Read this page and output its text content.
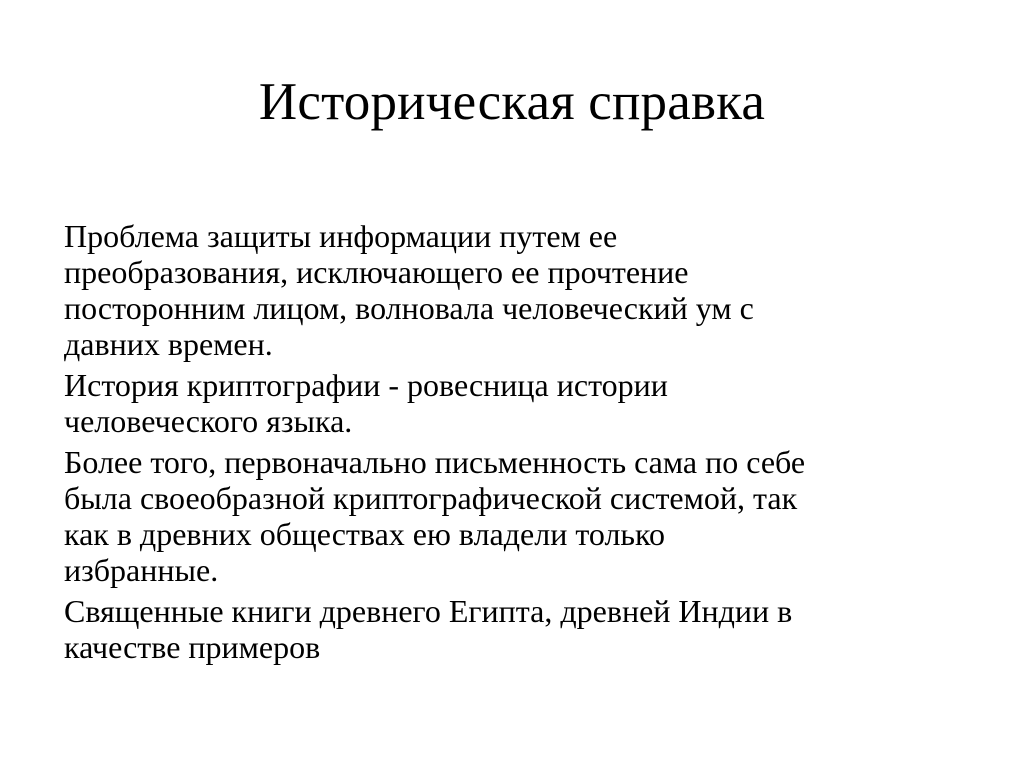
Историческая справка

Проблема защиты информации путем ее
преобразования, исключающего ее прочтение
посторонним лицом, волновала человеческий ум с
давних времен.

История криптографии - ровесница истории
человеческого языка.

Более того, первоначально письменность сама по себе
была своеобразной криптографической системой, так
как в древних обществах ею владели только
избранные.

Священные книги древнего Египта, древней Индии в
качестве примеров
